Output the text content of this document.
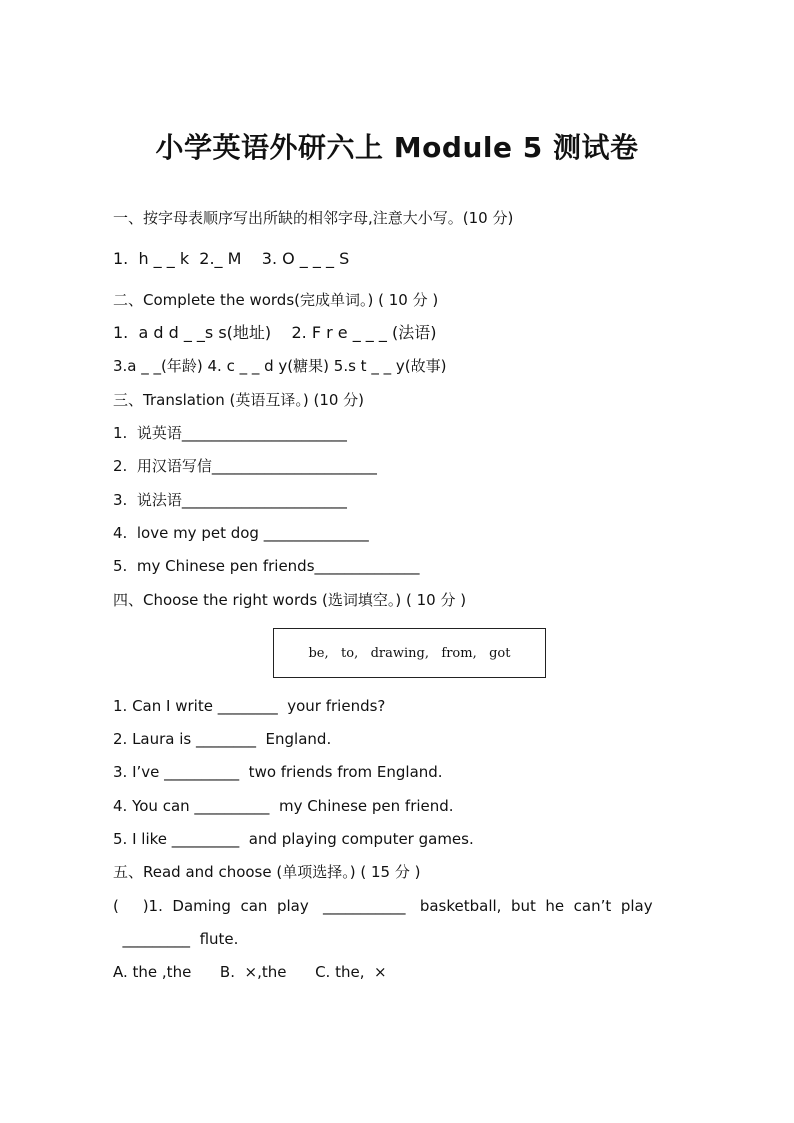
小学英语外研六上 Module 5 测试卷
一、按字母表顺序写出所缺的相邻字母,注意大小写。(10 分)
1.  h _ _ k  2._ M    3. O _ _ _ S
二、Complete the words(完成单词。) ( 10 分 )
1.  a d d _ _s s(地址)    2. F r e _ _ _ (法语)
3.a _ _(年龄) 4. c _ _ d y(糖果) 5.s t _ _ y(故事)
三、Translation (英语互译。) (10 分)
1.  说英语______________________
2.  用汉语写信______________________
3.  说法语______________________
4.  love my pet dog ______________
5.  my Chinese pen friends______________
四、Choose the right words (选词填空。) ( 10 分 )
be,   to,   drawing,   from,   got
1. Can I write ________  your friends?
2. Laura is ________  England.
3. I’ve __________  two friends from England.
4. You can __________  my Chinese pen friend.
5. I like _________  and playing computer games.
五、Read and choose (单项选择。) ( 15 分 )
(     )1.  Daming  can  play   ___________   basketball,  but  he  can’t  play
_________  flute.
A. the ,the      B.  ×,the      C. the,  ×
